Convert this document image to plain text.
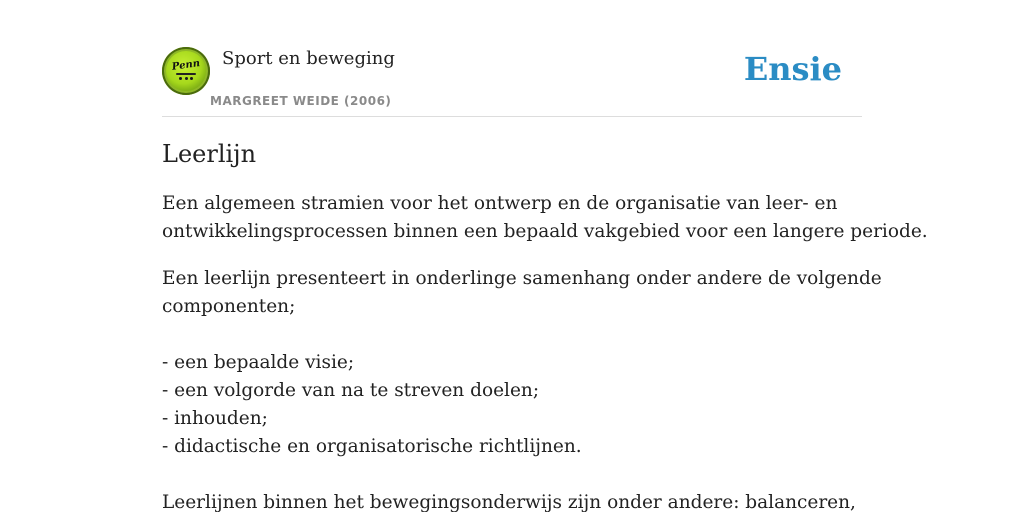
Penn Sport en beweging
MARGREET WEIDE (2006)
Ensie
Leerlijn

Een algemeen stramien voor het ontwerp en de organisatie van leer- en
ontwikkelingsprocessen binnen een bepaald vakgebied voor een langere periode.

Een leerlijn presenteert in onderlinge samenhang onder andere de volgende
componenten;

- een bepaalde visie;
- een volgorde van na te streven doelen;
- inhouden;
- didactische en organisatorische richtlijnen.

Leerlijnen binnen het bewegingsonderwijs zijn onder andere: balanceren,
